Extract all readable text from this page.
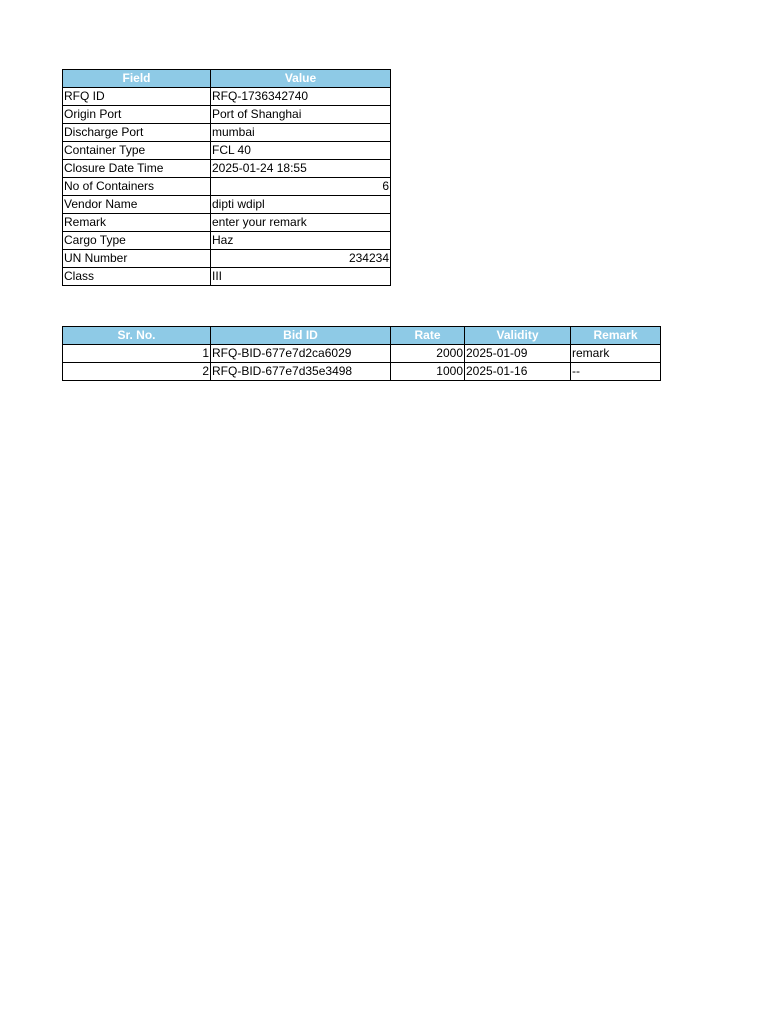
Field	Value
RFQ ID	RFQ-1736342740
Origin Port	Port of Shanghai
Discharge Port	mumbai
Container Type	FCL 40
Closure Date Time	2025-01-24 18:55
No of Containers	6
Vendor Name	dipti wdipl
Remark	enter your remark
Cargo Type	Haz
UN Number	234234
Class	III
Sr. No.	Bid ID	Rate	Validity	Remark
1	RFQ-BID-677e7d2ca6029	2000	2025-01-09	remark
2	RFQ-BID-677e7d35e3498	1000	2025-01-16	--
